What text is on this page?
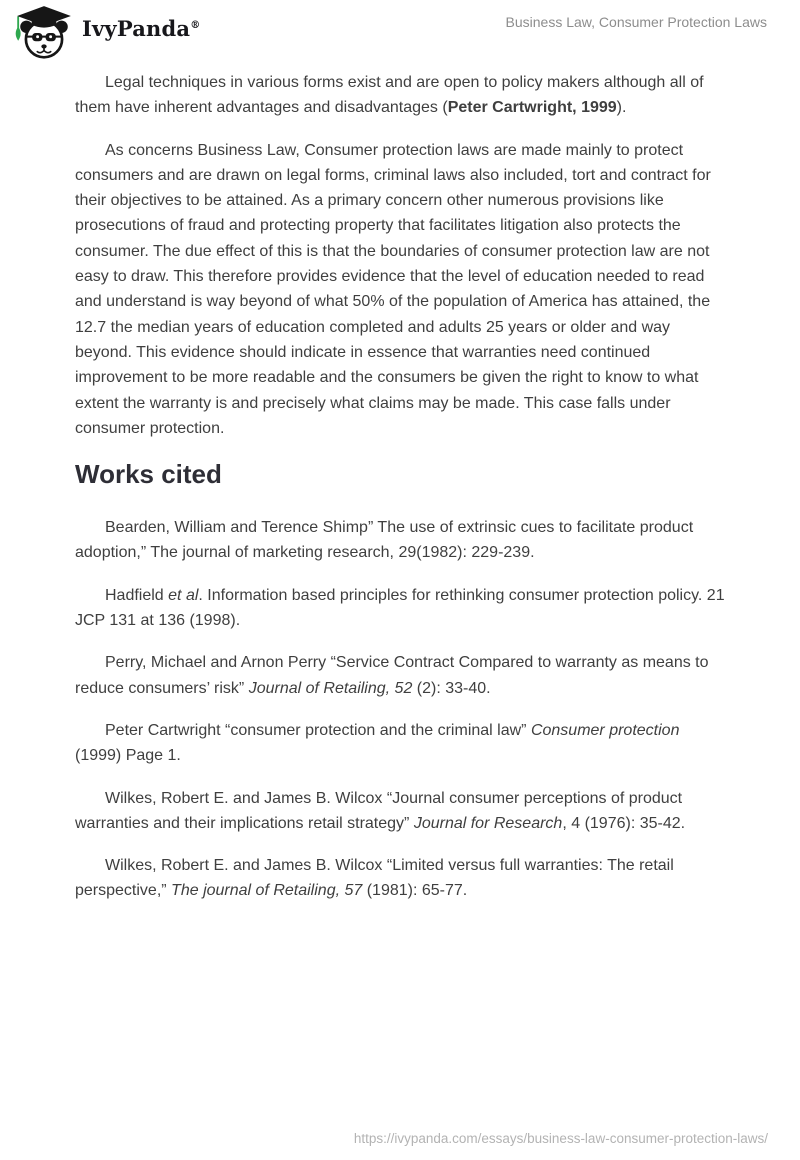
IvyPanda®	Business Law, Consumer Protection Laws

Legal techniques in various forms exist and are open to policy makers although all of them have inherent advantages and disadvantages (Peter Cartwright, 1999).

As concerns Business Law, Consumer protection laws are made mainly to protect consumers and are drawn on legal forms, criminal laws also included, tort and contract for their objectives to be attained. As a primary concern other numerous provisions like prosecutions of fraud and protecting property that facilitates litigation also protects the consumer. The due effect of this is that the boundaries of consumer protection law are not easy to draw. This therefore provides evidence that the level of education needed to read and understand is way beyond of what 50% of the population of America has attained, the 12.7 the median years of education completed and adults 25 years or older and way beyond. This evidence should indicate in essence that warranties need continued improvement to be more readable and the consumers be given the right to know to what extent the warranty is and precisely what claims may be made. This case falls under consumer protection.

Works cited

Bearden, William and Terence Shimp” The use of extrinsic cues to facilitate product adoption,” The journal of marketing research, 29(1982): 229-239.

Hadfield et al. Information based principles for rethinking consumer protection policy. 21 JCP 131 at 136 (1998).

Perry, Michael and Arnon Perry “Service Contract Compared to warranty as means to reduce consumers’ risk” Journal of Retailing, 52 (2): 33-40.

Peter Cartwright “consumer protection and the criminal law” Consumer protection (1999) Page 1.

Wilkes, Robert E. and James B. Wilcox “Journal consumer perceptions of product warranties and their implications retail strategy” Journal for Research, 4 (1976): 35-42.

Wilkes, Robert E. and James B. Wilcox “Limited versus full warranties: The retail perspective,” The journal of Retailing, 57 (1981): 65-77.

https://ivypanda.com/essays/business-law-consumer-protection-laws/
